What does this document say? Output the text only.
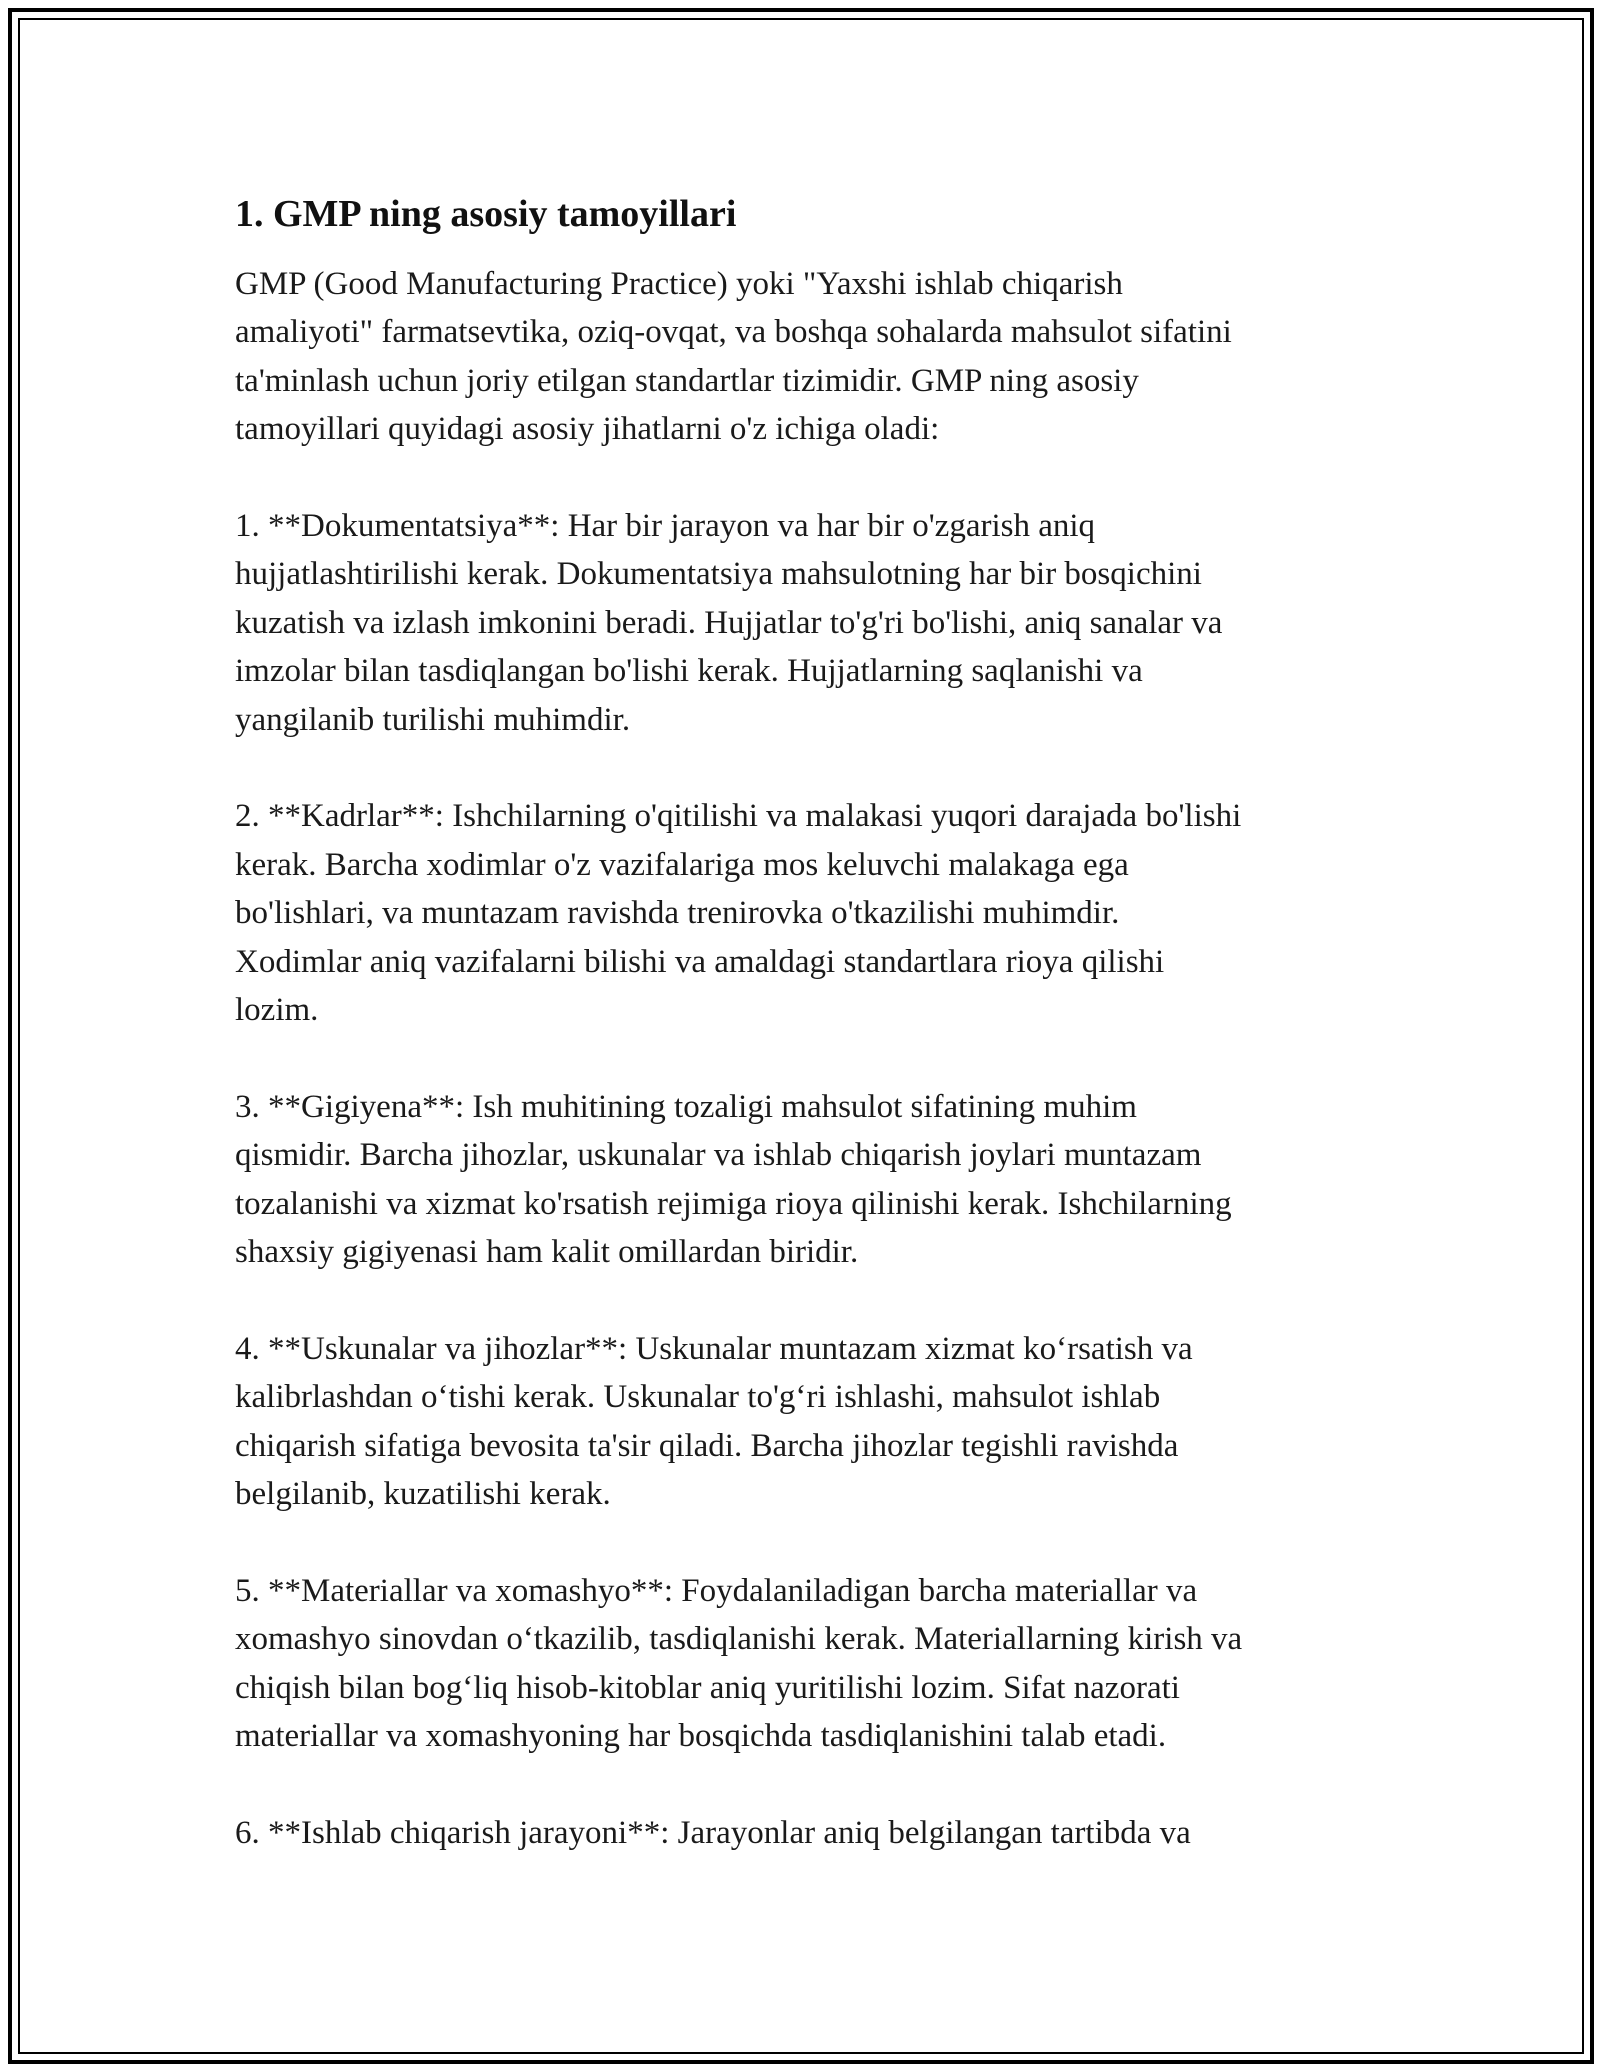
1. GMP ning asosiy tamoyillari
GMP (Good Manufacturing Practice) yoki "Yaxshi ishlab chiqarish
amaliyoti" farmatsevtika, oziq-ovqat, va boshqa sohalarda mahsulot sifatini
ta'minlash uchun joriy etilgan standartlar tizimidir. GMP ning asosiy
tamoyillari quyidagi asosiy jihatlarni o'z ichiga oladi:
1. **Dokumentatsiya**: Har bir jarayon va har bir o'zgarish aniq
hujjatlashtirilishi kerak. Dokumentatsiya mahsulotning har bir bosqichini
kuzatish va izlash imkonini beradi. Hujjatlar to'g'ri bo'lishi, aniq sanalar va
imzolar bilan tasdiqlangan bo'lishi kerak. Hujjatlarning saqlanishi va
yangilanib turilishi muhimdir.
2. **Kadrlar**: Ishchilarning o'qitilishi va malakasi yuqori darajada bo'lishi
kerak. Barcha xodimlar o'z vazifalariga mos keluvchi malakaga ega
bo'lishlari, va muntazam ravishda trenirovka o'tkazilishi muhimdir.
Xodimlar aniq vazifalarni bilishi va amaldagi standartlara rioya qilishi
lozim.
3. **Gigiyena**: Ish muhitining tozaligi mahsulot sifatining muhim
qismidir. Barcha jihozlar, uskunalar va ishlab chiqarish joylari muntazam
tozalanishi va xizmat ko'rsatish rejimiga rioya qilinishi kerak. Ishchilarning
shaxsiy gigiyenasi ham kalit omillardan biridir.
4. **Uskunalar va jihozlar**: Uskunalar muntazam xizmat ko‘rsatish va
kalibrlashdan o‘tishi kerak. Uskunalar to'g‘ri ishlashi, mahsulot ishlab
chiqarish sifatiga bevosita ta'sir qiladi. Barcha jihozlar tegishli ravishda
belgilanib, kuzatilishi kerak.
5. **Materiallar va xomashyo**: Foydalaniladigan barcha materiallar va
xomashyo sinovdan o‘tkazilib, tasdiqlanishi kerak. Materiallarning kirish va
chiqish bilan bog‘liq hisob-kitoblar aniq yuritilishi lozim. Sifat nazorati
materiallar va xomashyoning har bosqichda tasdiqlanishini talab etadi.
6. **Ishlab chiqarish jarayoni**: Jarayonlar aniq belgilangan tartibda va
